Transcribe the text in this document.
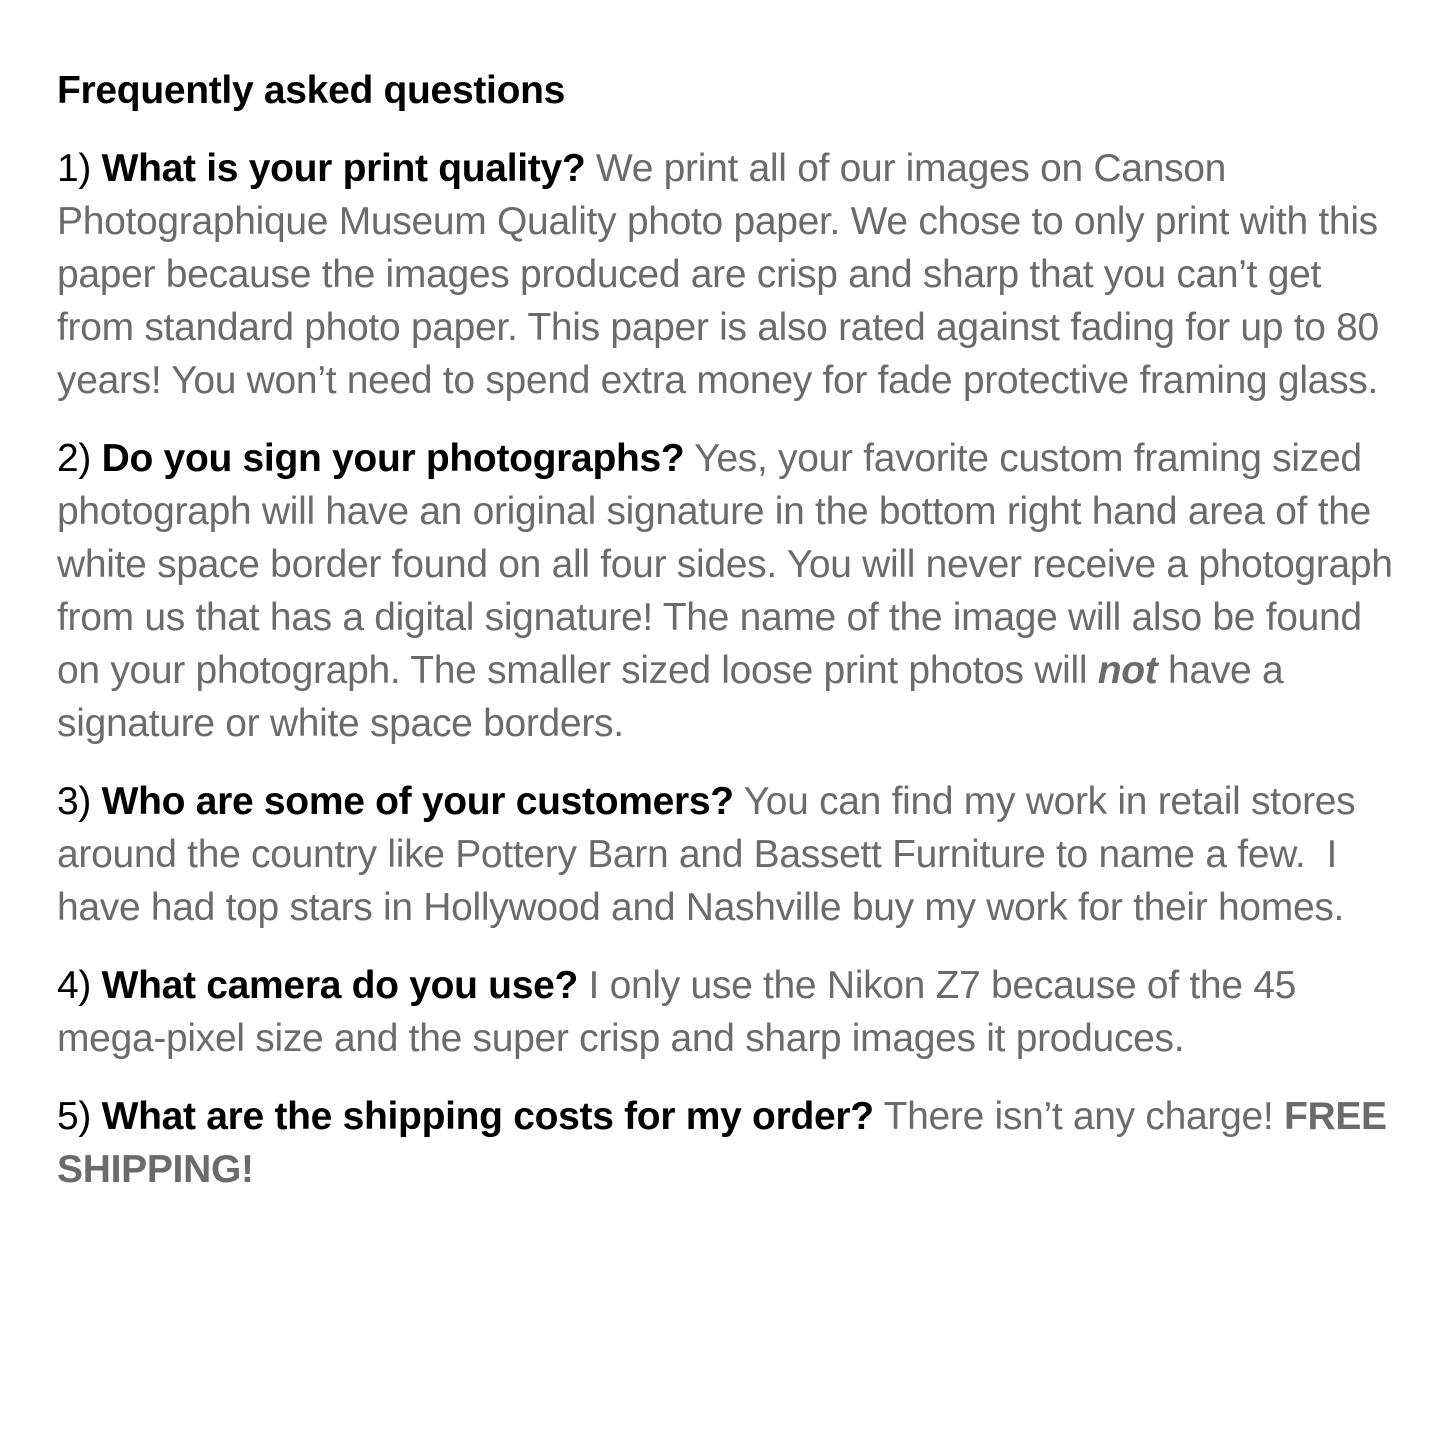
Frequently asked questions

1) What is your print quality? We print all of our images on Canson Photographique Museum Quality photo paper. We chose to only print with this paper because the images produced are crisp and sharp that you can’t get from standard photo paper. This paper is also rated against fading for up to 80 years! You won’t need to spend extra money for fade protective framing glass.

2) Do you sign your photographs? Yes, your favorite custom framing sized photograph will have an original signature in the bottom right hand area of the white space border found on all four sides. You will never receive a photograph from us that has a digital signature! The name of the image will also be found on your photograph. The smaller sized loose print photos will not have a signature or white space borders.

3) Who are some of your customers? You can find my work in retail stores around the country like Pottery Barn and Bassett Furniture to name a few.  I have had top stars in Hollywood and Nashville buy my work for their homes.

4) What camera do you use? I only use the Nikon Z7 because of the 45 mega-pixel size and the super crisp and sharp images it produces.

5) What are the shipping costs for my order? There isn’t any charge! FREE SHIPPING!
